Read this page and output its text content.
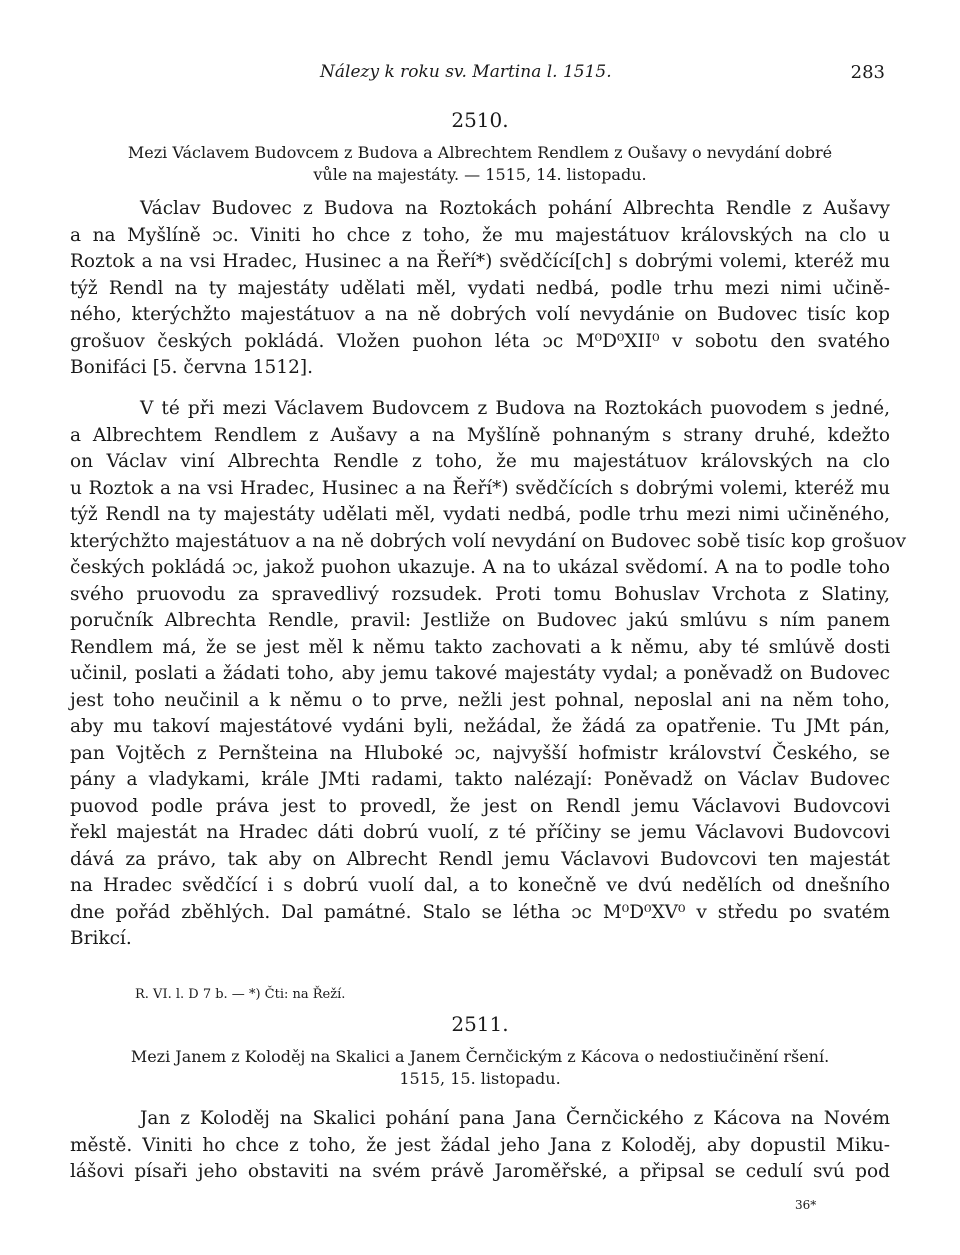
Nálezy k roku sv. Martina l. 1515.	283
2510.
Mezi Václavem Budovcem z Budova a Albrechtem Rendlem z Oušavy o nevydání dobré
vůle na majestáty. — 1515, 14. listopadu.
Václav Budovec z Budova na Roztokách pohání Albrechta Rendle z Aušavy
a na Myšlíně ɔc. Viniti ho chce z toho, že mu majestátuov královských na clo u
Roztok a na vsi Hradec, Husinec a na Řeří*) svědčící[ch] s dobrými volemi, kteréž mu
týž Rendl na ty majestáty udělati měl, vydati nedbá, podle trhu mezi nimi učině-
ného, kterýchžto majestátuov a na ně dobrých volí nevydánie on Budovec tisíc kop
grošuov českých pokládá. Vložen puohon léta ɔc M⁰D⁰XII⁰ v sobotu den svatého
Bonifáci [5. června 1512].
V té při mezi Václavem Budovcem z Budova na Roztokách puovodem s jedné,
a Albrechtem Rendlem z Aušavy a na Myšlíně pohnaným s strany druhé, kdežto
on Václav viní Albrechta Rendle z toho, že mu majestátuov královských na clo
u Roztok a na vsi Hradec, Husinec a na Řeří*) svědčících s dobrými volemi, kteréž mu
týž Rendl na ty majestáty udělati měl, vydati nedbá, podle trhu mezi nimi učiněného,
kterýchžto majestátuov a na ně dobrých volí nevydání on Budovec sobě tisíc kop grošuov
českých pokládá ɔc, jakož puohon ukazuje. A na to ukázal svědomí. A na to podle toho
svého pruovodu za spravedlivý rozsudek. Proti tomu Bohuslav Vrchota z Slatiny,
poručník Albrechta Rendle, pravil: Jestliže on Budovec jakú smlúvu s ním panem
Rendlem má, že se jest měl k němu takto zachovati a k němu, aby té smlúvě dosti
učinil, poslati a žádati toho, aby jemu takové majestáty vydal; a poněvadž on Budovec
jest toho neučinil a k němu o to prve, nežli jest pohnal, neposlal ani na něm toho,
aby mu takoví majestátové vydáni byli, nežádal, že žádá za opatřenie. Tu JMt pán,
pan Vojtěch z Pernšteina na Hluboké ɔc, najvyšší hofmistr království Českého, se
pány a vladykami, krále JMti radami, takto nalézají: Poněvadž on Václav Budovec
puovod podle práva jest to provedl, že jest on Rendl jemu Václavovi Budovcovi
řekl majestát na Hradec dáti dobrú vuolí, z té příčiny se jemu Václavovi Budovcovi
dává za právo, tak aby on Albrecht Rendl jemu Václavovi Budovcovi ten majestát
na Hradec svědčící i s dobrú vuolí dal, a to konečně ve dvú nedělích od dnešního
dne pořád zběhlých. Dal památné. Stalo se létha ɔc M⁰D⁰XV⁰ v středu po svatém
Brikcí.
R. VI. l. D 7 b. — *) Čti: na Řeží.
2511.
Mezi Janem z Koloděj na Skalici a Janem Černčickým z Kácova o nedostiučinění ršení.
1515, 15. listopadu.
Jan z Koloděj na Skalici pohání pana Jana Černčického z Kácova na Novém
městě. Viniti ho chce z toho, že jest žádal jeho Jana z Koloděj, aby dopustil Miku-
lášovi písaři jeho obstaviti na svém právě Jaroměřské, a připsal se cedulí svú pod
36*
